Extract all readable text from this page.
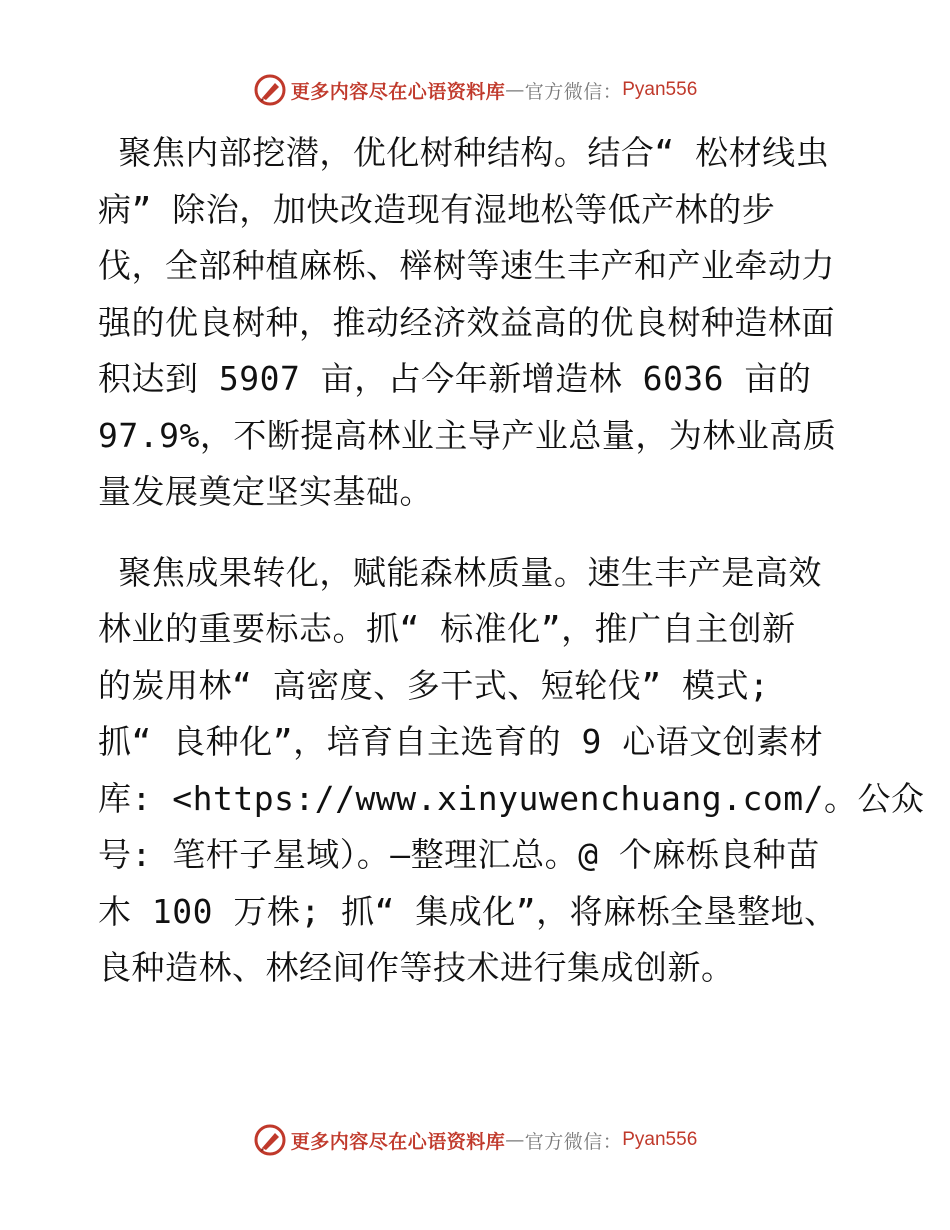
更多内容尽在心语资料库 — 官方微信： Pyan556

聚焦内部挖潜，优化树种结构。结合“ 松材线虫
病” 除治，加快改造现有湿地松等低产林的步
伐，全部种植麻栎、榉树等速生丰产和产业牵动力
强的优良树种，推动经济效益高的优良树种造林面
积达到 5907 亩，占今年新增造林 6036 亩的
97.9%，不断提高林业主导产业总量，为林业高质
量发展奠定坚实基础。

聚焦成果转化，赋能森林质量。速生丰产是高效
林业的重要标志。抓“ 标准化”，推广自主创新
的炭用林“ 高密度、多干式、短轮伐” 模式;
抓“ 良种化”，培育自主选育的 9 心语文创素材
库: <https://www.xinyuwenchuang.com/。公众
号: 笔杆子星域）。—整理汇总。@ 个麻栎良种苗
木 100 万株; 抓“ 集成化”，将麻栎全垦整地、
良种造林、林经间作等技术进行集成创新。

更多内容尽在心语资料库 — 官方微信： Pyan556
